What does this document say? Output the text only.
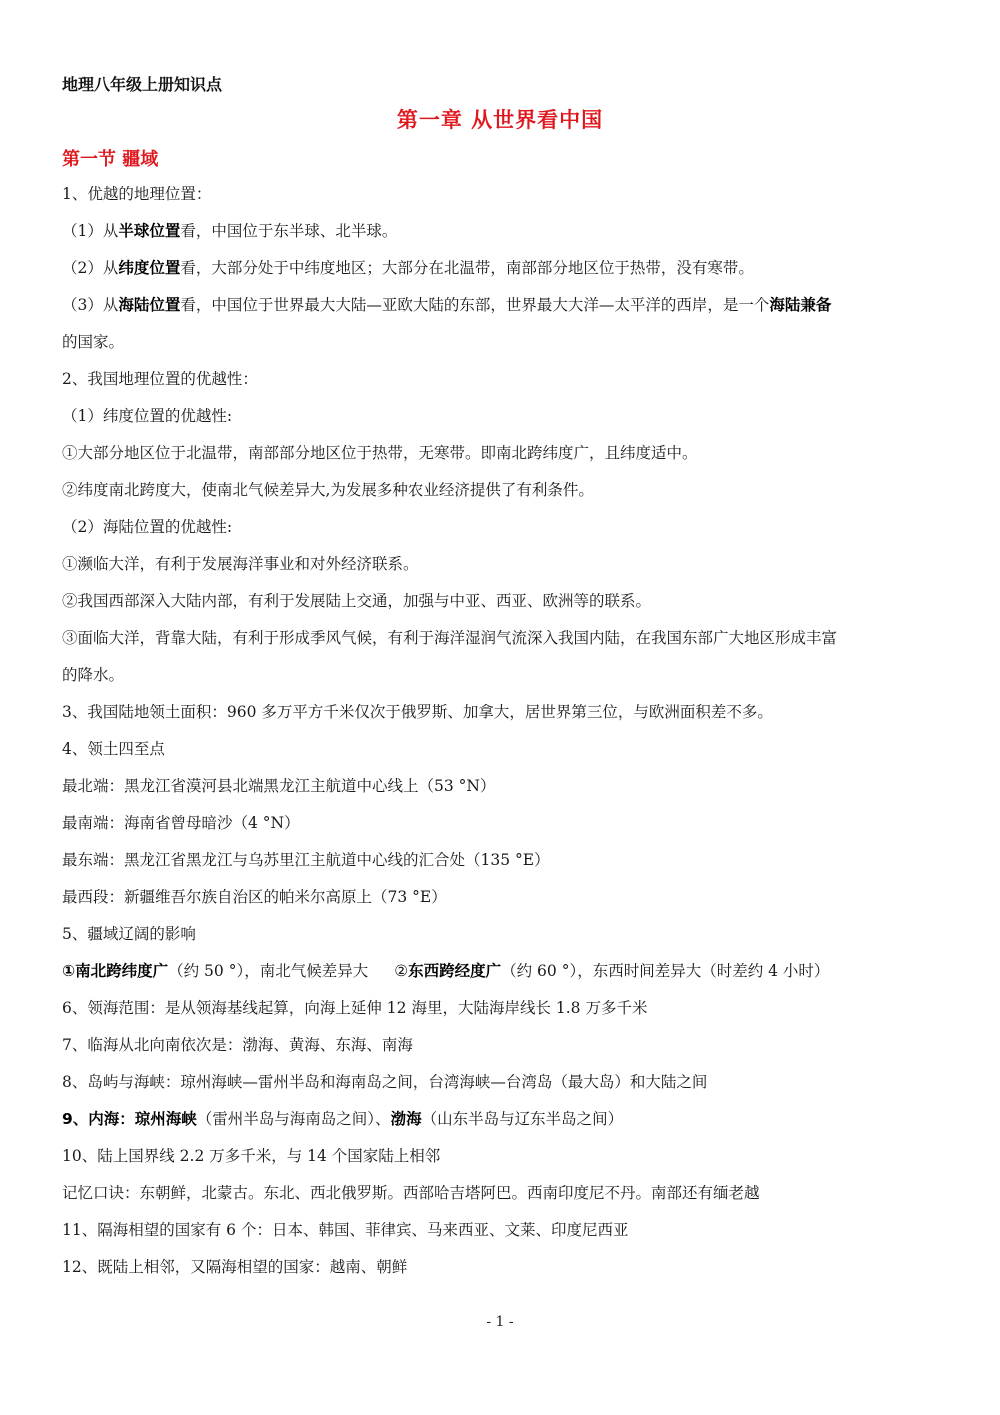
地理八年级上册知识点
第一章 从世界看中国
第一节 疆域
1、优越的地理位置：
（1）从半球位置看，中国位于东半球、北半球。
（2）从纬度位置看，大部分处于中纬度地区；大部分在北温带，南部部分地区位于热带，没有寒带。
（3）从海陆位置看，中国位于世界最大大陆—亚欧大陆的东部，世界最大大洋—太平洋的西岸，是一个海陆兼备
的国家。
2、我国地理位置的优越性：
（1）纬度位置的优越性:
①大部分地区位于北温带，南部部分地区位于热带，无寒带。即南北跨纬度广，且纬度适中。
②纬度南北跨度大，使南北气候差异大,为发展多种农业经济提供了有利条件。
（2）海陆位置的优越性:
①濒临大洋，有利于发展海洋事业和对外经济联系。
②我国西部深入大陆内部，有利于发展陆上交通，加强与中亚、西亚、欧洲等的联系。
③面临大洋，背靠大陆，有利于形成季风气候，有利于海洋湿润气流深入我国内陆，在我国东部广大地区形成丰富
的降水。
3、我国陆地领土面积：960 多万平方千米仅次于俄罗斯、加拿大，居世界第三位，与欧洲面积差不多。
4、领土四至点
最北端：黑龙江省漠河县北端黑龙江主航道中心线上（53 °N）
最南端：海南省曾母暗沙（4 °N）
最东端：黑龙江省黑龙江与乌苏里江主航道中心线的汇合处（135 °E）
最西段：新疆维吾尔族自治区的帕米尔高原上（73 °E）
5、疆域辽阔的影响
①南北跨纬度广（约 50 °），南北气候差异大 ②东西跨经度广（约 60 °），东西时间差异大（时差约 4 小时）
6、领海范围：是从领海基线起算，向海上延伸 12 海里，大陆海岸线长 1.8 万多千米
7、临海从北向南依次是：渤海、黄海、东海、南海
8、岛屿与海峡：琼州海峡—雷州半岛和海南岛之间，台湾海峡—台湾岛（最大岛）和大陆之间
9、内海：琼州海峡（雷州半岛与海南岛之间）、渤海（山东半岛与辽东半岛之间）
10、陆上国界线 2.2 万多千米，与 14 个国家陆上相邻
记忆口诀：东朝鲜，北蒙古。东北、西北俄罗斯。西部哈吉塔阿巴。西南印度尼不丹。南部还有缅老越
11、隔海相望的国家有 6 个：日本、韩国、菲律宾、马来西亚、文莱、印度尼西亚
12、既陆上相邻，又隔海相望的国家：越南、朝鲜
- 1 -
